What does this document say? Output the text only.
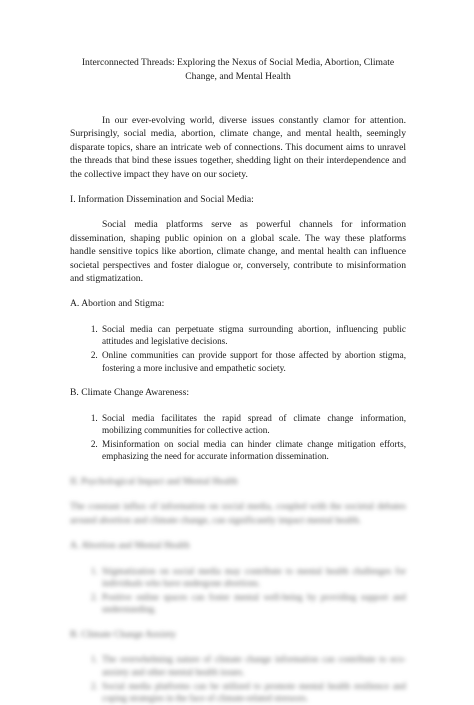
Interconnected Threads: Exploring the Nexus of Social Media, Abortion, Climate Change, and Mental Health

In our ever-evolving world, diverse issues constantly clamor for attention. Surprisingly, social media, abortion, climate change, and mental health, seemingly disparate topics, share an intricate web of connections. This document aims to unravel the threads that bind these issues together, shedding light on their interdependence and the collective impact they have on our society.

I. Information Dissemination and Social Media:

Social media platforms serve as powerful channels for information dissemination, shaping public opinion on a global scale. The way these platforms handle sensitive topics like abortion, climate change, and mental health can influence societal perspectives and foster dialogue or, conversely, contribute to misinformation and stigmatization.

A. Abortion and Stigma:
1. Social media can perpetuate stigma surrounding abortion, influencing public attitudes and legislative decisions.
2. Online communities can provide support for those affected by abortion stigma, fostering a more inclusive and empathetic society.
B. Climate Change Awareness:
1. Social media facilitates the rapid spread of climate change information, mobilizing communities for collective action.
2. Misinformation on social media can hinder climate change mitigation efforts, emphasizing the need for accurate information dissemination.
II. Psychological Impact and Mental Health

The constant influx of information on social media, coupled with the societal debates around abortion and climate change, can significantly impact mental health.

A. Abortion and Mental Health
1. Stigmatization on social media may contribute to mental health challenges for individuals who have undergone abortions.
2. Positive online spaces can foster mental well-being by providing support and understanding.
B. Climate Change Anxiety
1. The overwhelming nature of climate change information can contribute to eco-anxiety and other mental health issues.
2. Social media platforms can be utilized to promote mental health resilience and coping strategies in the face of climate-related stressors.
